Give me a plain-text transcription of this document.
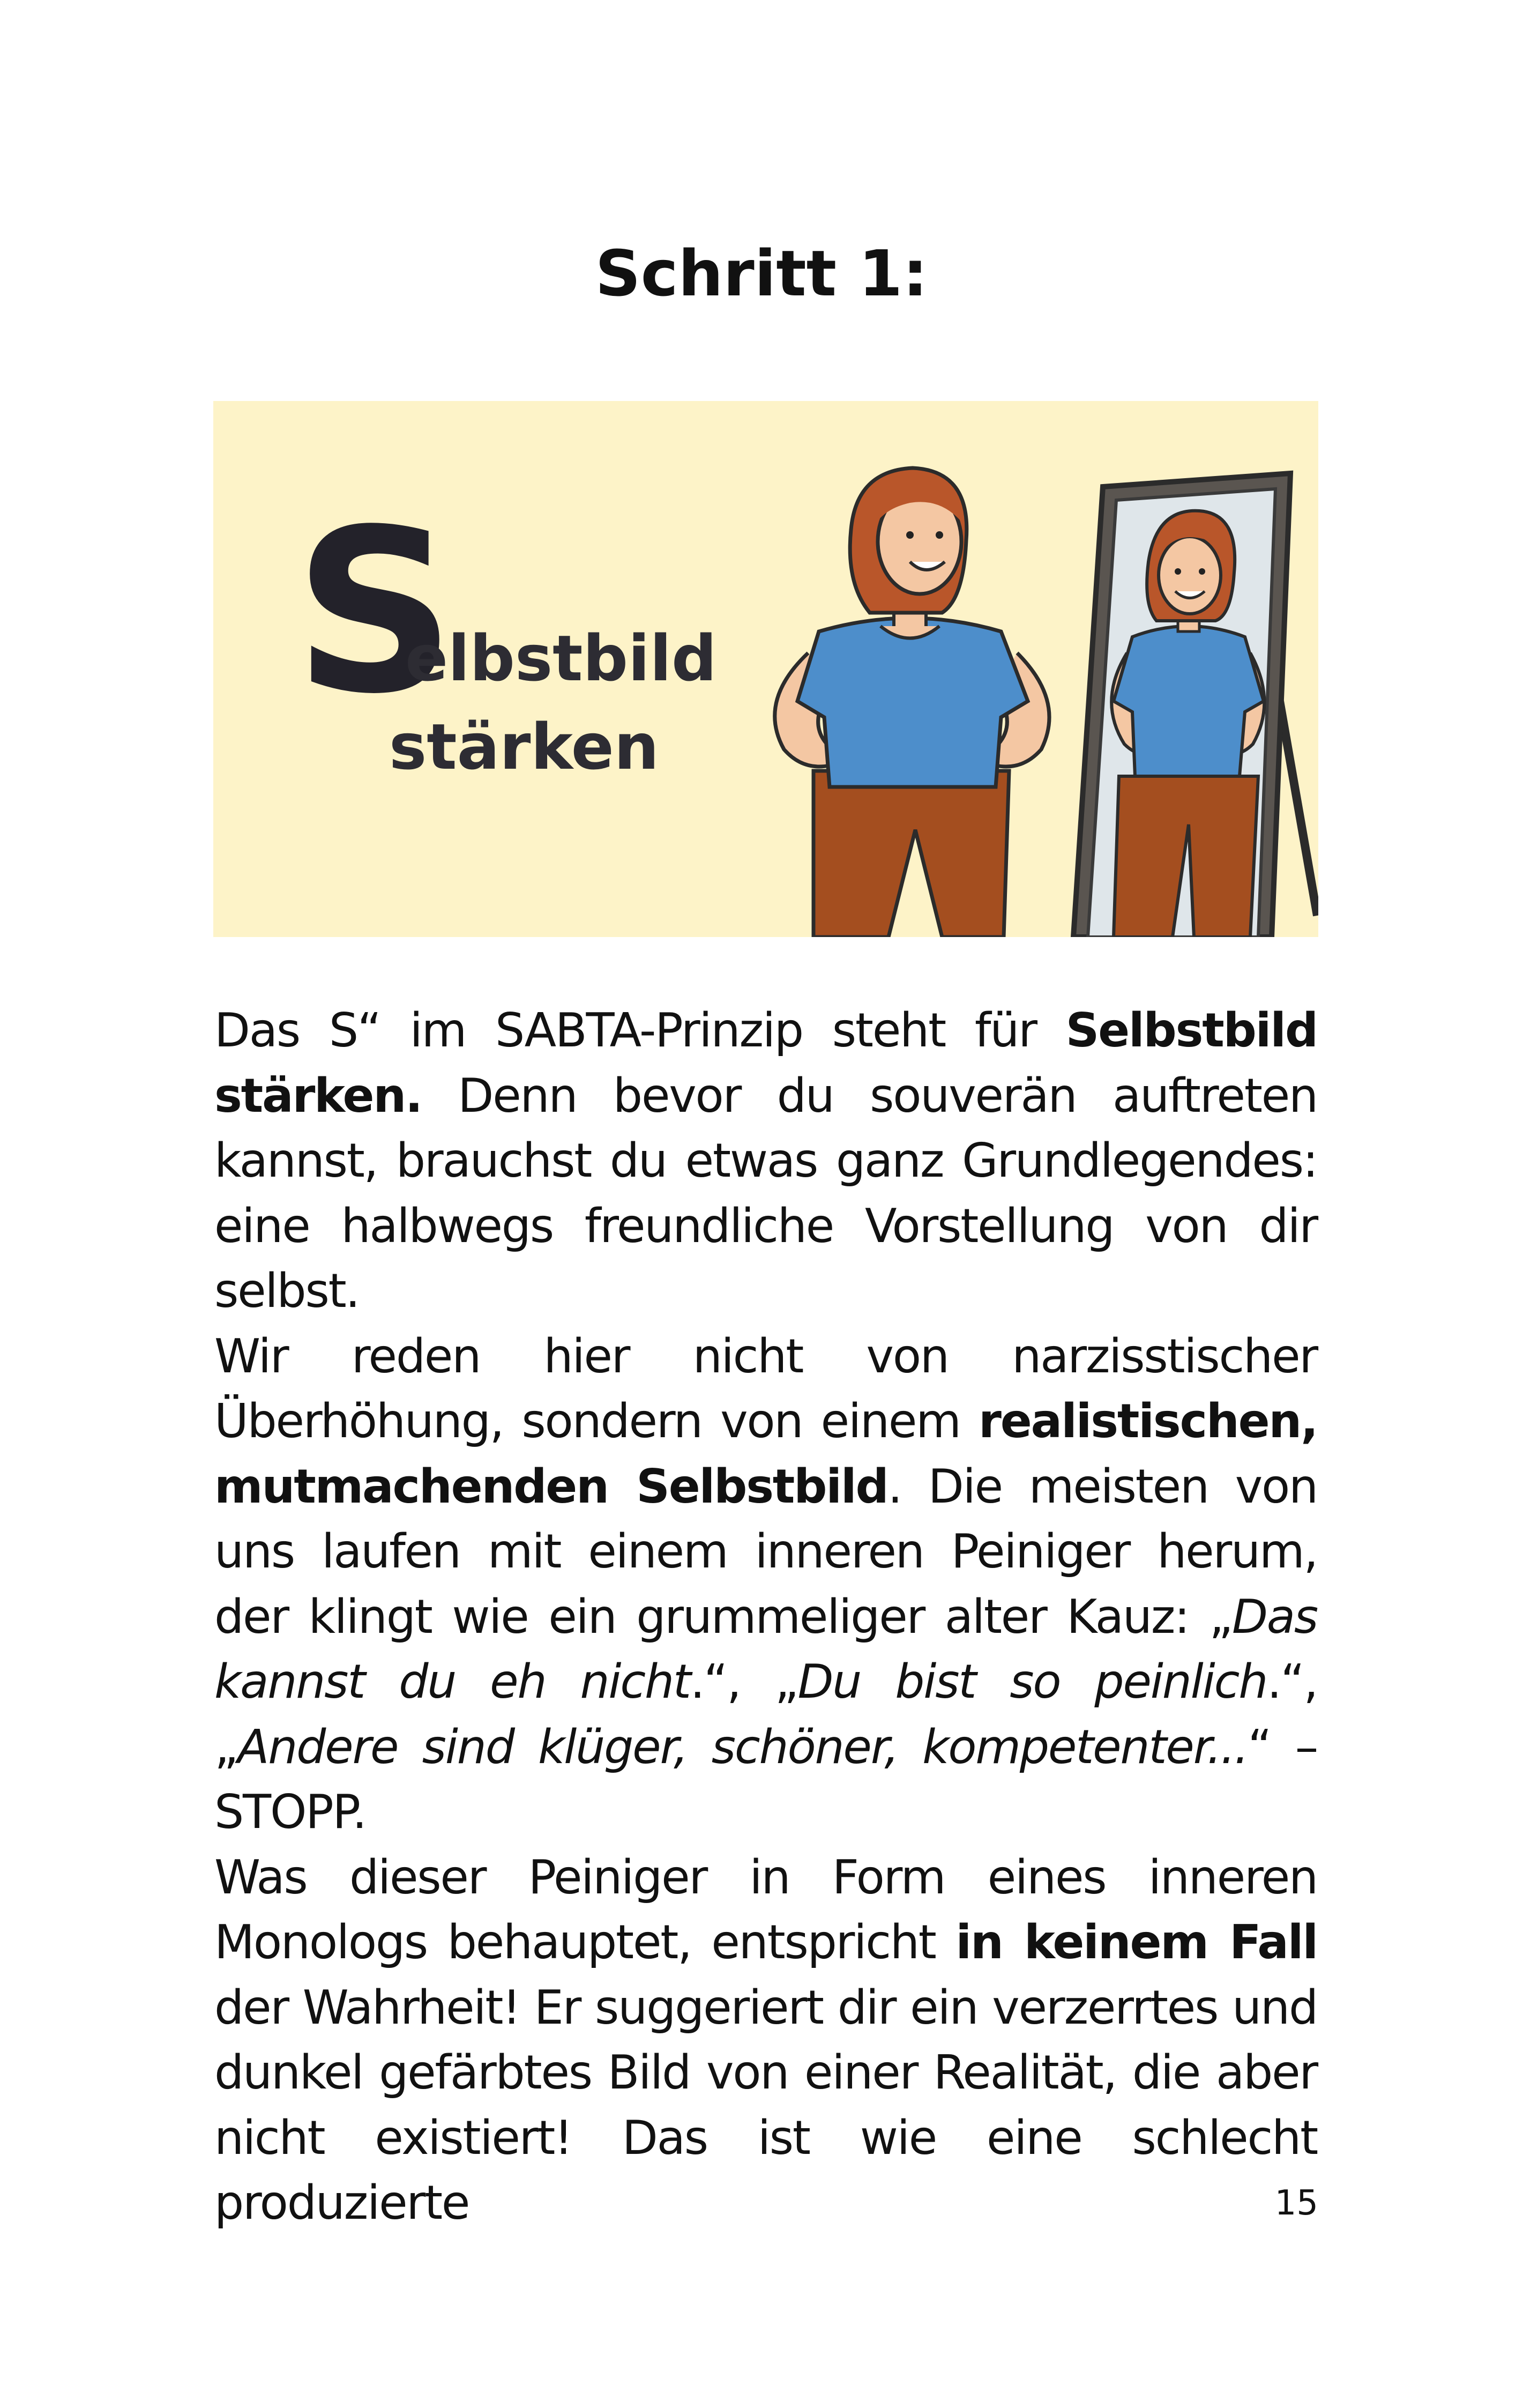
Schritt 1:
S
elbstbild
stärken

Das S“ im SABTA-Prinzip steht für Selbstbild stärken. Denn bevor du souverän auftreten kannst, brauchst du etwas ganz Grundlegendes: eine halbwegs freundliche Vorstellung von dir selbst.

Wir reden hier nicht von narzisstischer Überhöhung, sondern von einem realistischen, mutmachenden Selbstbild. Die meisten von uns laufen mit einem inneren Peiniger herum, der klingt wie ein grummeliger alter Kauz: „Das kannst du eh nicht.“, „Du bist so peinlich.“, „Andere sind klüger, schöner, kompetenter...“ – STOPP.

Was dieser Peiniger in Form eines inneren Monologs behauptet, entspricht in keinem Fall der Wahrheit! Er suggeriert dir ein verzerrtes und dunkel gefärbtes Bild von einer Realität, die aber nicht existiert! Das ist wie eine schlecht produzierte	15
